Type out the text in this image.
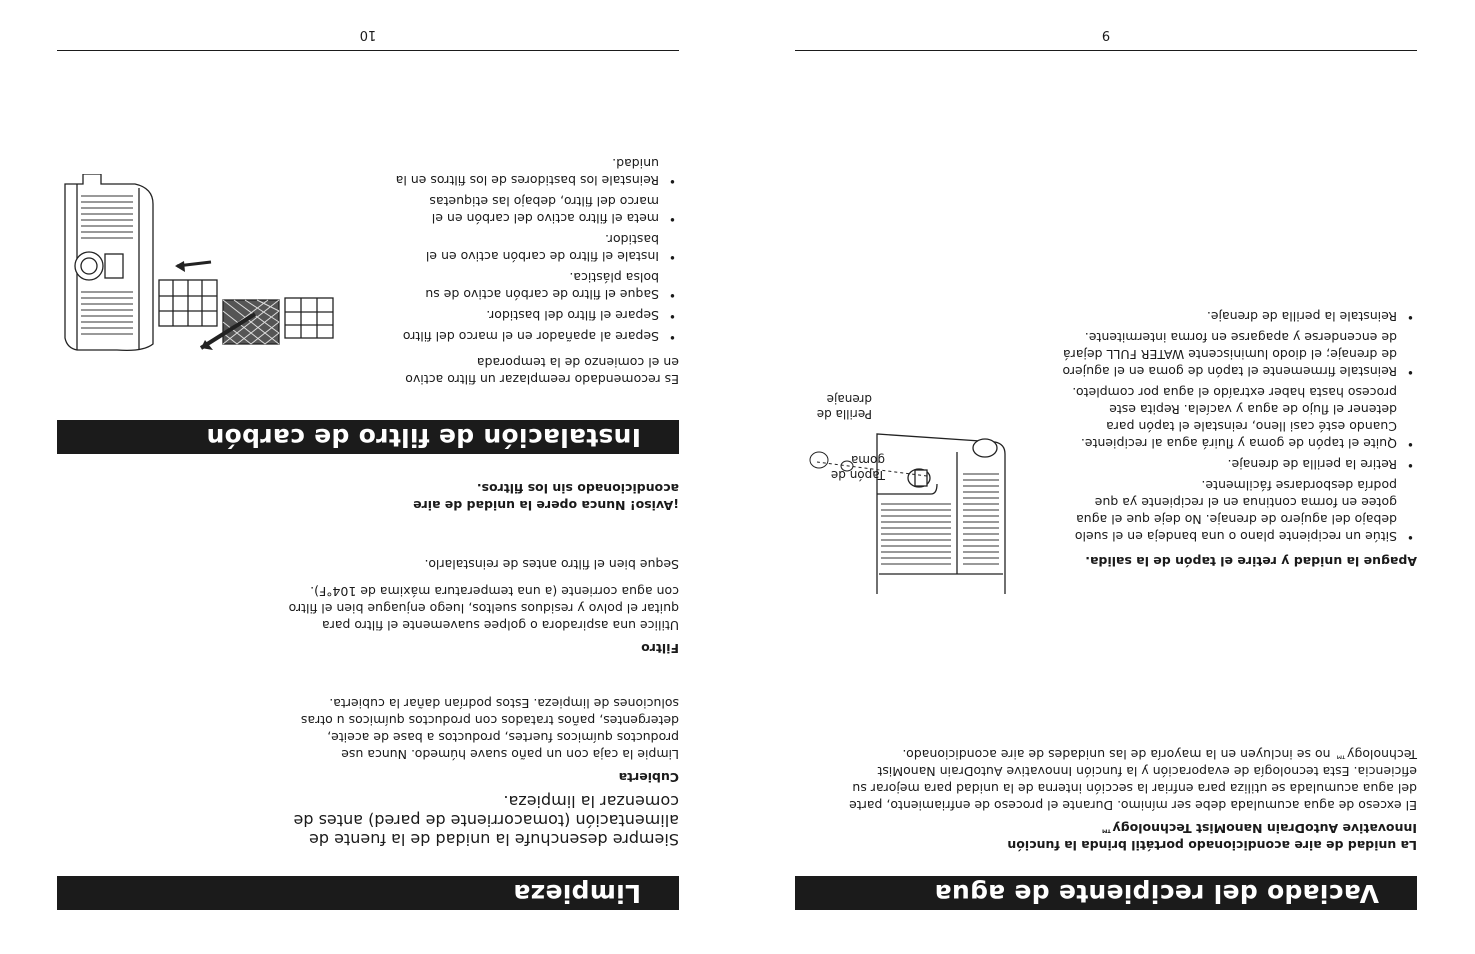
Vaciado del recipiente de agua

La unidad de aire acondicionado portátil brinda la función

Innovative AutoDrain NanoMist Technology™

El exceso de agua acumulada debe ser mínimo. Durante el proceso de enfriamiento, parte del agua acumulada se utiliza para enfriar la sección interna de la unidad para mejorar su eficiencia. Esta tecnología de evaporación y la función Innovative AutoDrain NanoMist Technology™ no se incluyen en la mayoría de las unidades de aire acondicionado.

Apague la unidad y retire el tapón de la salida.

• Sitúe un recipiente plano o una bandeja en el suelo debajo del agujero de drenaje. No deje que el agua gotee en forma continua en el recipiente ya que podría desbordarse fácilmente.
• Retire la perilla de drenaje.
• Quite el tapón de goma y fluirá agua al recipiente. Cuando esté casi lleno, reinstale el tapón para detener el flujo de agua y vacíela. Repita este proceso hasta haber extraído el agua por completo.
• Reinstale firmemente el tapón de goma en el agujero de drenaje; el diodo luminiscente WATER FULL dejará de encenderse y apagarse en forma intermitente.
• Reinstale la perilla de drenaje.
Tapón de goma
Perilla de drenaje
9
Limpieza
Siempre desenchufe la unidad de la fuente de alimentación (tomacorriente de pared) antes de comenzar la limpieza.

Cubierta

Limpie la caja con un paño suave húmedo. Nunca use productos químicos fuertes, productos a base de aceite, detergentes, paños tratados con productos químicos u otras soluciones de limpieza. Estos podrían dañar la cubierta.

Filtro

Utilice una aspiradora o golpee suavemente el filtro para quitar el polvo y residuos sueltos, luego enjuague bien el filtro con agua corriente (a una temperatura máxima de 104°F).

Seque bien el filtro antes de reinstalarlo.

¡Aviso! Nunca opere la unidad de aire acondicionado sin los filtros.
Instalación de filtro de carbón

Es recomendado reemplazar un filtro activo en el comienzo de la temporada

• Separe al apañador en el marco del filtro
• Separe el filtro del bastidor.
• Saque el filtro de carbón activo de su bolsa plástica.
• Instale el filtro de carbón activo en el bastidor.
• meta el filtro activo del carbón en el marco del filtro, debajo las etiquetas
• Reinstale los bastidores de los filtros en la unidad.
10
